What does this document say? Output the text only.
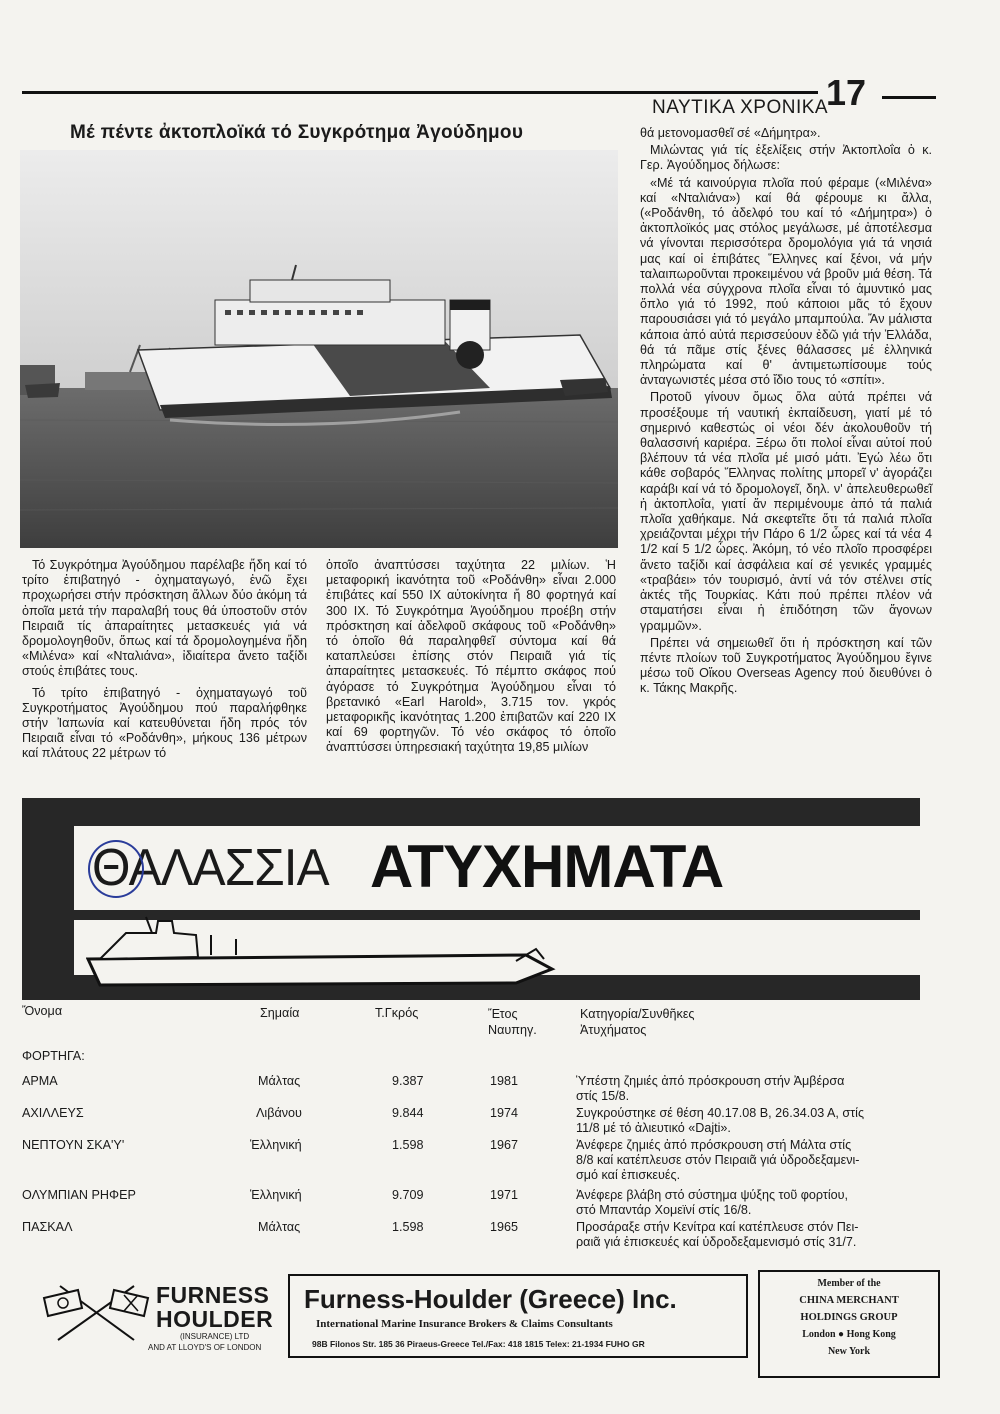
ΝΑΥΤΙΚΑ ΧΡΟΝΙΚΑ
17
Μέ πέντε ἀκτοπλοϊκά τό Συγκρότημα Ἀγούδημου

Τό Συγκρότημα Ἀγούδημου παρέλαβε ἤδη καί τό τρίτο ἐπιβατηγό - ὀχηματαγωγό, ἐνῶ ἔχει προχωρήσει στήν πρόσκτηση ἄλλων δύο ἀκόμη τά ὁποῖα μετά τήν παραλαβή τους θά ὑποστοῦν στόν Πειραιᾶ τίς ἀπαραίτητες μετασκευές γιά νά δρομολογηθοῦν, ὅπως καί τά δρομολογημένα ἤδη «Μιλένα» καί «Νταλιάνα», ἰδιαίτερα ἄνετο ταξίδι στούς ἐπιβάτες τους.

Τό τρίτο ἐπιβατηγό - ὀχηματαγωγό τοῦ Συγκροτήματος Ἀγούδημου πού παραλήφθηκε στήν Ἰαπωνία καί κατευθύνεται ἤδη πρός τόν Πειραιᾶ εἶναι τό «Ροδάνθη», μήκους 136 μέτρων καί πλάτους 22 μέτρων τό

ὁποῖο ἀναπτύσσει ταχύτητα 22 μιλίων. Ἡ μεταφορική ἱκανότητα τοῦ «Ροδάνθη» εἶναι 2.000 ἐπιβάτες καί 550 ΙΧ αὐτοκίνητα ἤ 80 φορτηγά καί 300 ΙΧ. Τό Συγκρότημα Ἀγούδημου προέβη στήν πρόσκτηση καί ἀδελφοῦ σκάφους τοῦ «Ροδάνθη» τό ὁποῖο θά παραληφθεῖ σύντομα καί θά καταπλεύσει ἐπίσης στόν Πειραιᾶ γιά τίς ἀπαραίτητες μετασκευές. Τό πέμπτο σκάφος πού ἀγόρασε τό Συγκρότημα Ἀγούδημου εἶναι τό βρετανικό «Earl Harold», 3.715 τον. γκρός μεταφορικῆς ἱκανότητας 1.200 ἐπιβατῶν καί 220 ΙΧ καί 69 φορτηγῶν. Τό νέο σκάφος τό ὁποῖο ἀναπτύσσει ὑπηρεσιακή ταχύτητα 19,85 μιλίων

θά μετονομασθεῖ σέ «Δήμητρα».

Μιλώντας γιά τίς ἐξελίξεις στήν Ἀκτοπλοΐα ὁ κ. Γερ. Ἀγούδημος δήλωσε:

«Μέ τά καινούργια πλοῖα πού φέραμε («Μιλένα» καί «Νταλιάνα») καί θά φέρουμε κι ἄλλα, («Ροδάνθη, τό ἀδελφό του καί τό «Δήμητρα») ὁ ἀκτοπλοϊκός μας στόλος μεγάλωσε, μέ ἀποτέλεσμα νά γίνονται περισσότερα δρομολόγια γιά τά νησιά μας καί οἱ ἐπιβάτες Ἕλληνες καί ξένοι, νά μήν ταλαιπωροῦνται προκειμένου νά βροῦν μιά θέση. Τά πολλά νέα σύγχρονα πλοῖα εἶναι τό ἀμυντικό μας ὅπλο γιά τό 1992, πού κάποιοι μᾶς τό ἔχουν παρουσιάσει γιά τό μεγάλο μπαμπούλα. Ἄν μάλιστα κάποια ἀπό αὐτά περισσεύουν ἐδῶ γιά τήν Ἑλλάδα, θά τά πᾶμε στίς ξένες θάλασσες μέ ἑλληνικά πληρώματα καί θ' ἀντιμετωπίσουμε τούς ἀνταγωνιστές μέσα στό ἴδιο τους τό «σπίτι».

Προτοῦ γίνουν ὅμως ὅλα αὐτά πρέπει νά προσέξουμε τή ναυτική ἐκπαίδευση, γιατί μέ τό σημερινό καθεστώς οἱ νέοι δέν ἀκολουθοῦν τή θαλασσινή καριέρα. Ξέρω ὅτι πολοί εἶναι αὐτοί πού βλέπουν τά νέα πλοῖα μέ μισό μάτι. Ἐγώ λέω ὅτι κάθε σοβαρός Ἕλληνας πολίτης μπορεῖ ν' ἀγοράζει καράβι καί νά τό δρομολογεῖ, δηλ. ν' ἀπελευθερωθεῖ ἡ ἀκτοπλοΐα, γιατί ἄν περιμένουμε ἀπό τά παλιά πλοῖα χαθήκαμε. Νά σκεφτεῖτε ὅτι τά παλιά πλοῖα χρειάζονται μέχρι τήν Πάρο 6 1/2 ὧρες καί τά νέα 4 1/2 καί 5 1/2 ὧρες. Ἀκόμη, τό νέο πλοῖο προσφέρει ἄνετο ταξίδι καί ἀσφάλεια καί σέ γενικές γραμμές «τραβάει» τόν τουρισμό, ἀντί νά τόν στέλνει στίς ἀκτές τῆς Τουρκίας. Κάτι πού πρέπει πλέον νά σταματήσει εἶναι ἡ ἐπιδότηση τῶν ἄγονων γραμμῶν».

Πρέπει νά σημειωθεῖ ὅτι ἡ πρόσκτηση καί τῶν πέντε πλοίων τοῦ Συγκροτήματος Ἀγούδημου ἔγινε μέσω τοῦ Οἴκου Overseas Agency πού διευθύνει ὁ κ. Τάκης Μακρῆς.

ΘΑΛΑΣΣΙΑ ΑΤΥΧΗΜΑΤΑ
Ὄνομα	Σημαία	Τ.Γκρός	Ἔτος
Ναυπηγ.
Κατηγορία/Συνθῆκες
Ἀτυχήματος
ΦΟΡΤΗΓΑ:
ΑΡΜΑ	Μάλτας	9.387	1981	Ὑπέστη ζημιές ἀπό πρόσκρουση στήν Ἀμβέρσα
στίς 15/8.
ΑΧΙΛΛΕΥΣ	Λιβάνου	9.844	1974	Συγκρούστηκε σέ θέση 40.17.08 Β, 26.34.03 Α, στίς
11/8 μέ τό ἀλιευτικό «Dajti».
ΝΕΠΤΟΥΝ ΣΚΑ'Υ'	Ἑλληνική	1.598	1967	Ἀνέφερε ζημιές ἀπό πρόσκρουση στή Μάλτα στίς
8/8 καί κατέπλευσε στόν Πειραιᾶ γιά ὑδροδεξαμενι-
σμό καί ἐπισκευές.
ΟΛΥΜΠΙΑΝ ΡΗΦΕΡ	Ἑλληνική	9.709	1971	Ἀνέφερε βλάβη στό σύστημα ψύξης τοῦ φορτίου,
στό Μπαντάρ Χομεϊνί στίς 16/8.
ΠΑΣΚΑΛ	Μάλτας	1.598	1965	Προσάραξε στήν Κενίτρα καί κατέπλευσε στόν Πει-
ραιᾶ γιά ἐπισκευές καί ὑδροδεξαμενισμό στίς 31/7.
FURNESS
HOULDER
(INSURANCE) LTD
AND AT LLOYD'S OF LONDON
Furness-Houlder (Greece) Inc.
International Marine Insurance Brokers & Claims Consultants
98B Filonos Str. 185 36 Piraeus-Greece Tel./Fax: 418 1815 Telex: 21-1934 FUHO GR
Member of the
CHINA MERCHANT
HOLDINGS GROUP
London ● Hong Kong
New York
